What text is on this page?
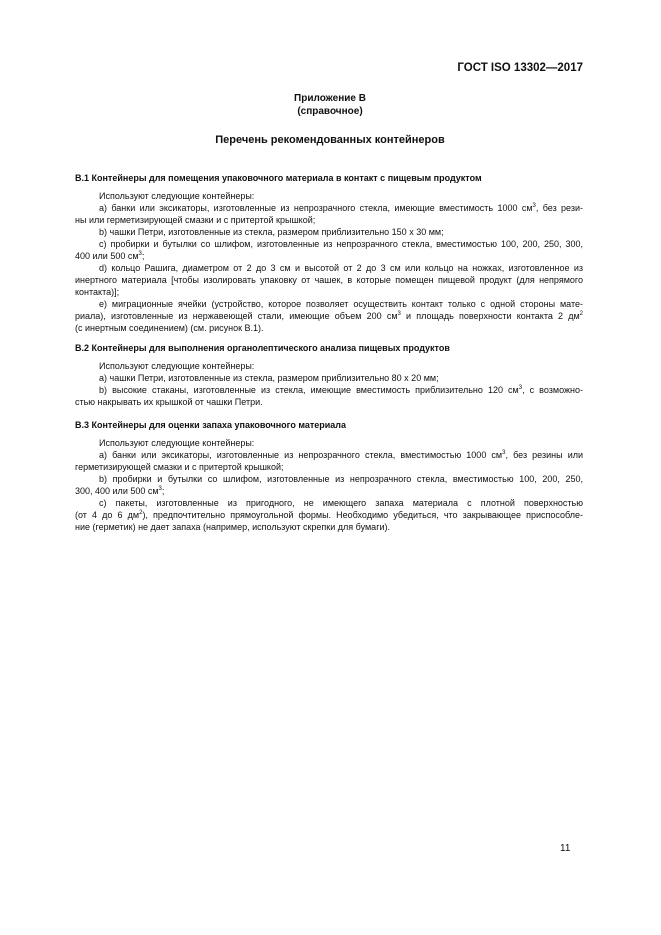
ГОСТ ISO 13302—2017
Приложение В
(справочное)
Перечень рекомендованных контейнеров

В.1 Контейнеры для помещения упаковочного материала в контакт с пищевым продуктом

Используют следующие контейнеры:

а) банки или эксикаторы, изготовленные из непрозрачного стекла, имеющие вместимость 1000 $см^3$, без рези-

ны или герметизирующей смазки и с притертой крышкой;

b) чашки Петри, изготовленные из стекла, размером приблизительно 150 х 30 мм;

с) пробирки и бутылки со шлифом, изготовленные из непрозрачного стекла, вместимостью 100, 200, 250, 300,

400 или 500 $см^3$;

d) кольцо Рашига, диаметром от 2 до 3 см и высотой от 2 до 3 см или кольцо на ножках, изготовленное из

инертного материала [чтобы изолировать упаковку от чашек, в которые помещен пищевой продукт (для непрямого

контакта)];

е) миграционные ячейки (устройство, которое позволяет осуществить контакт только с одной стороны мате-

риала), изготовленные из нержавеющей стали, имеющие объем 200 $см^3$ и площадь поверхности контакта 2 $дм^2$

(с инертным соединением) (см. рисунок В.1).

В.2 Контейнеры для выполнения органолептического анализа пищевых продуктов

Используют следующие контейнеры:

а) чашки Петри, изготовленные из стекла, размером приблизительно 80 х 20 мм;

b) высокие стаканы, изготовленные из стекла, имеющие вместимость приблизительно 120 $см^3$, с возможно-

стью накрывать их крышкой от чашки Петри.

В.3 Контейнеры для оценки запаха упаковочного материала

Используют следующие контейнеры:

а) банки или эксикаторы, изготовленные из непрозрачного стекла, вместимостью 1000 $см^3$, без резины или

герметизирующей смазки и с притертой крышкой;

b) пробирки и бутылки со шлифом, изготовленные из непрозрачного стекла, вместимостью 100, 200, 250,

300, 400 или 500 $см^3$;

с) пакеты, изготовленные из пригодного, не имеющего запаха материала с плотной поверхностью

(от 4 до 6 $дм^2$), предпочтительно прямоугольной формы. Необходимо убедиться, что закрывающее приспособле-

ние (герметик) не дает запаха (например, используют скрепки для бумаги).

11
